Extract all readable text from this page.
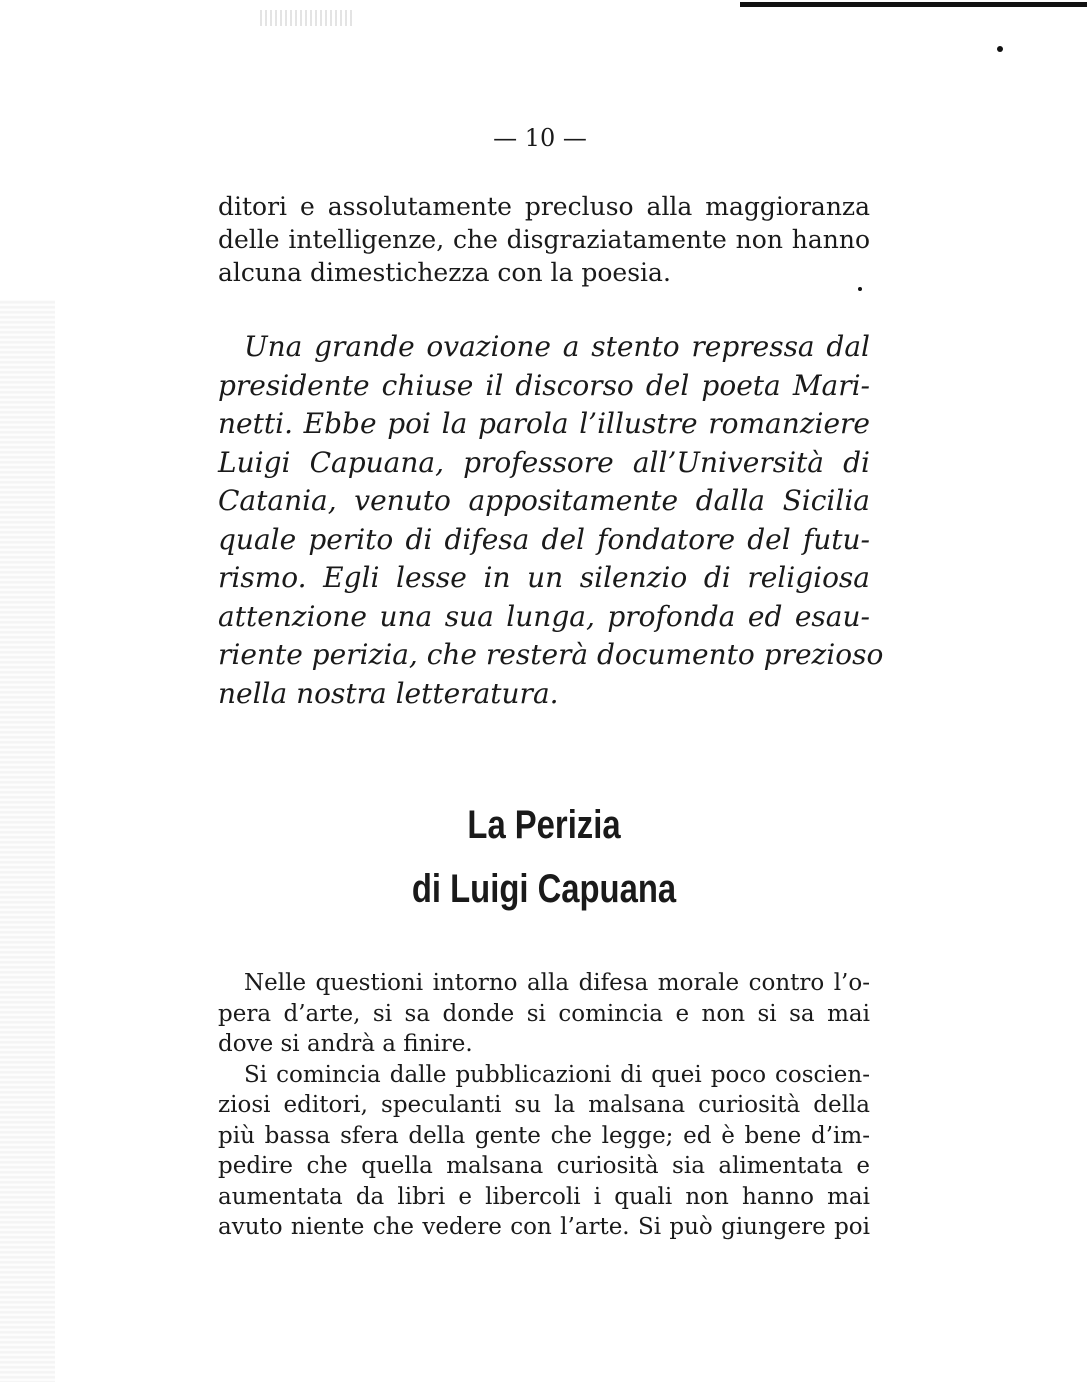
— 10 —
ditori e assolutamente precluso alla maggioranza
delle intelligenze, che disgraziatamente non hanno
alcuna dimestichezza con la poesia.
Una grande ovazione a stento repressa dal
presidente chiuse il discorso del poeta Mari-
netti. Ebbe poi la parola l’illustre romanziere
Luigi Capuana, professore all’Università di
Catania, venuto appositamente dalla Sicilia
quale perito di difesa del fondatore del futu-
rismo. Egli lesse in un silenzio di religiosa
attenzione una sua lunga, profonda ed esau-
riente perizia, che resterà documento prezioso
nella nostra letteratura.
La Perizia
di Luigi Capuana
Nelle questioni intorno alla difesa morale contro l’o-
pera d’arte, si sa donde si comincia e non si sa mai
dove si andrà a finire.
Si comincia dalle pubblicazioni di quei poco coscien-
ziosi editori, speculanti su la malsana curiosità della
più bassa sfera della gente che legge; ed è bene d’im-
pedire che quella malsana curiosità sia alimentata e
aumentata da libri e libercoli i quali non hanno mai
avuto niente che vedere con l’arte. Si può giungere poi
